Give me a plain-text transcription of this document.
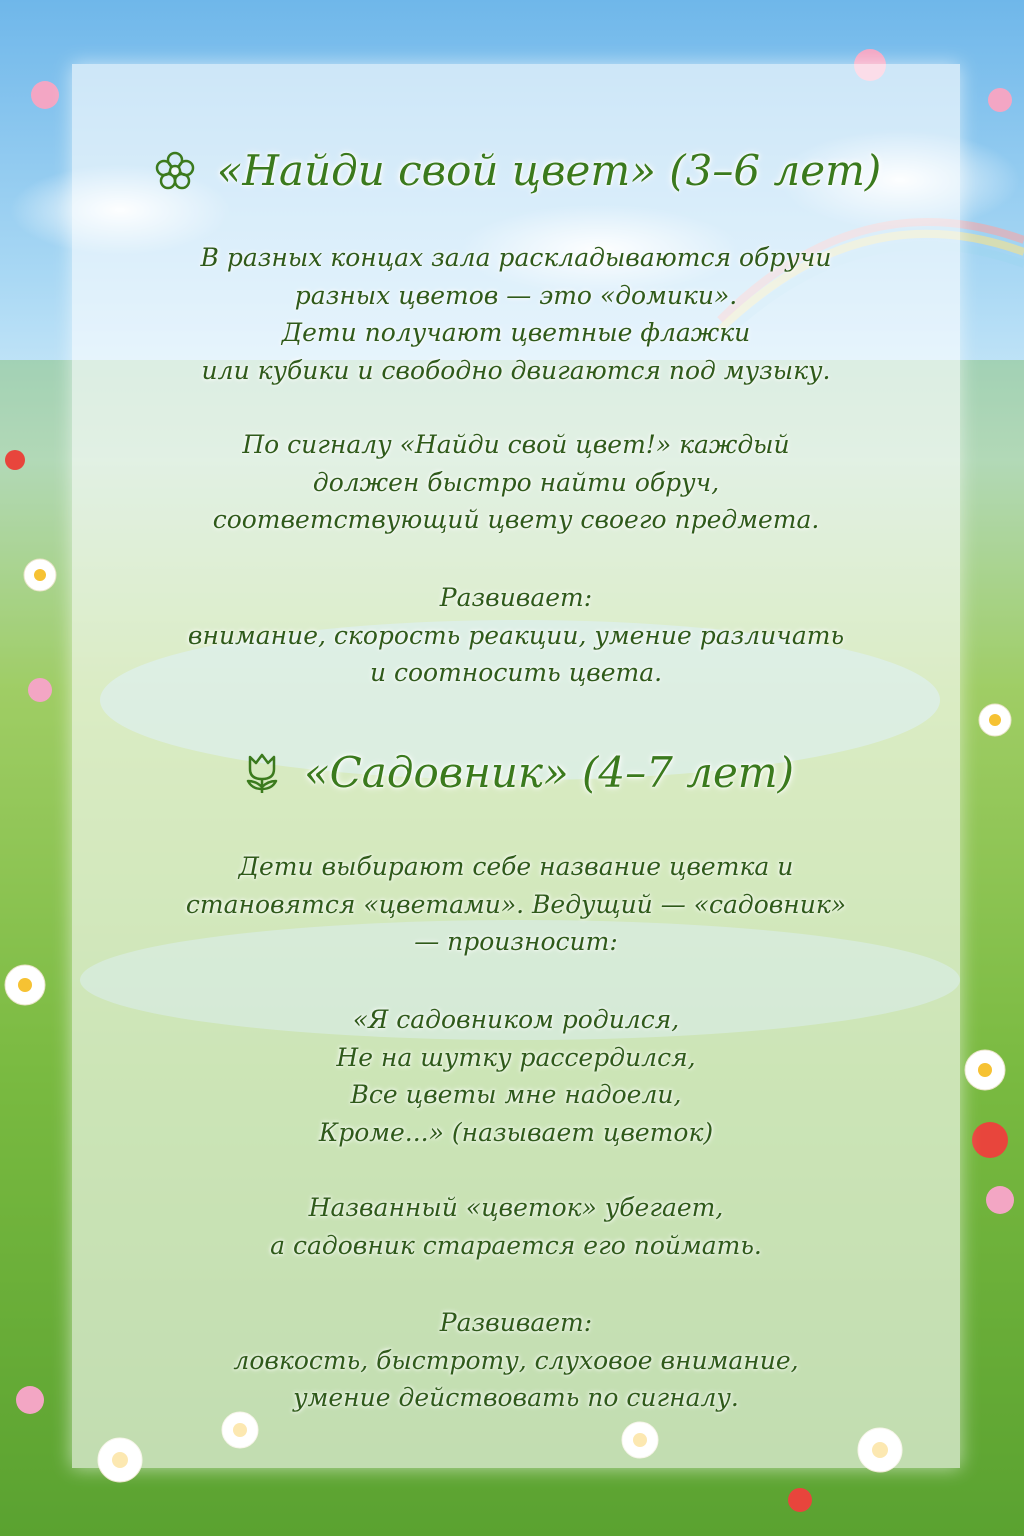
«Найди свой цвет» (3–6 лет)
В разных концах зала раскладываются обручи
разных цветов — это «домики».
Дети получают цветные флажки
или кубики и свободно двигаются под музыку.
По сигналу «Найди свой цвет!» каждый
должен быстро найти обруч,
соответствующий цвету своего предмета.
Развивает:
внимание, скорость реакции, умение различать
и соотносить цвета.
«Садовник» (4–7 лет)
Дети выбирают себе название цветка и
становятся «цветами». Ведущий — «садовник»
— произносит:
«Я садовником родился,
Не на шутку рассердился,
Все цветы мне надоели,
Кроме...» (называет цветок)
Названный «цветок» убегает,
а садовник старается его поймать.
Развивает:
ловкость, быстроту, слуховое внимание,
умение действовать по сигналу.
